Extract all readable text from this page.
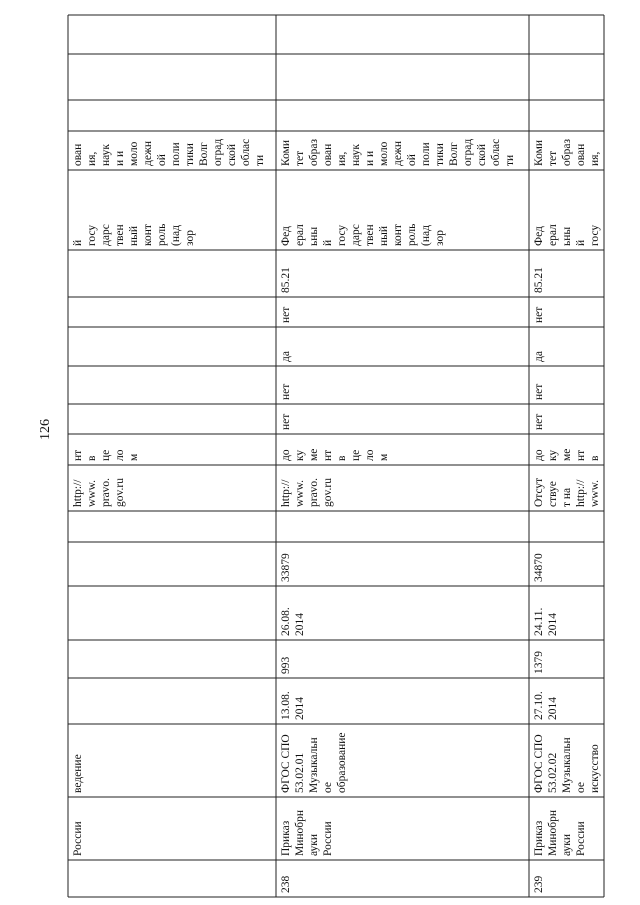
126
России
ведение
http://
www.
pravo.
gov.ru
нт
в
це
ло
м
й
госу
дарс
твен
ный
конт
роль
(над
зор
ован
ия,
наук
и и
моло
дежн
ой
поли
тики
Волг
оград
ской
облас
ти
238
Приказ
Минобрн
ауки
России
ФГОС СПО
53.02.01
Музыкальн
ое
образование
13.08.
2014
993
26.08.
2014
33879
http://
www.
pravo.
gov.ru
до
ку
ме
нт
в
це
ло
м
нет
нет
да
нет
85.21
Фед
ерал
ьны
й
госу
дарс
твен
ный
конт
роль
(над
зор
Коми
тет
образ
ован
ия,
наук
и и
моло
дежн
ой
поли
тики
Волг
оград
ской
облас
ти
239
Приказ
Минобрн
ауки
России
ФГОС СПО
53.02.02
Музыкальн
ое
искусство
27.10.
2014
1379
24.11.
2014
34870
Отсут
ствуе
т на
http://
www.
до
ку
ме
нт
в
нет
нет
да
нет
85.21
Фед
ерал
ьны
й
госу
Коми
тет
образ
ован
ия,
